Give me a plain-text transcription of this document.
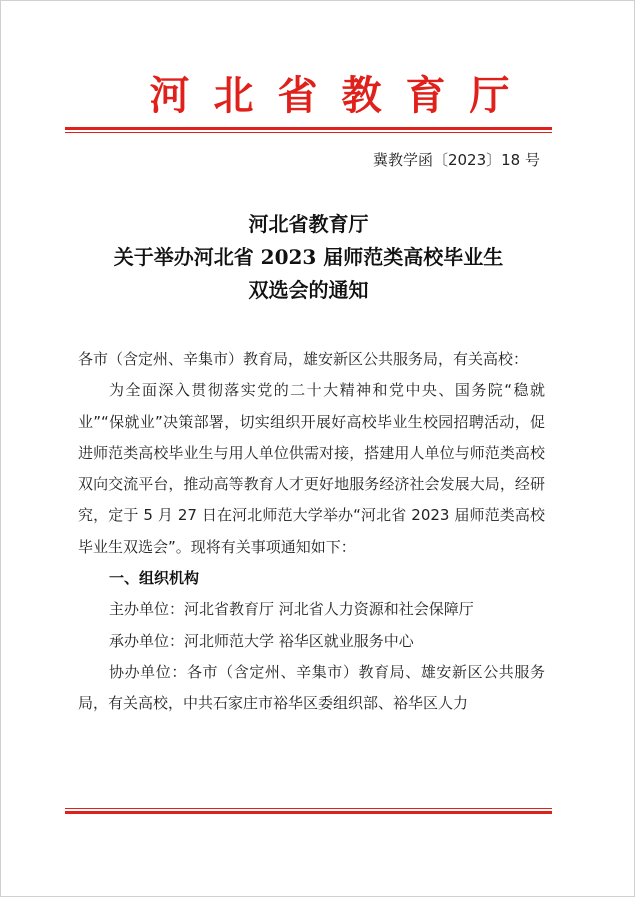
河北省教育厅
冀教学函〔2023〕18 号
河北省教育厅
关于举办河北省 2023 届师范类高校毕业生
双选会的通知

各市（含定州、辛集市）教育局，雄安新区公共服务局，有关高校：

为全面深入贯彻落实党的二十大精神和党中央、国务院“稳就业”“保就业”决策部署，切实组织开展好高校毕业生校园招聘活动，促进师范类高校毕业生与用人单位供需对接，搭建用人单位与师范类高校双向交流平台，推动高等教育人才更好地服务经济社会发展大局，经研究，定于 5 月 27 日在河北师范大学举办“河北省 2023 届师范类高校毕业生双选会”。现将有关事项通知如下：

一、组织机构

主办单位：河北省教育厅 河北省人力资源和社会保障厅

承办单位：河北师范大学 裕华区就业服务中心

协办单位：各市（含定州、辛集市）教育局、雄安新区公共服务局，有关高校，中共石家庄市裕华区委组织部、裕华区人力
